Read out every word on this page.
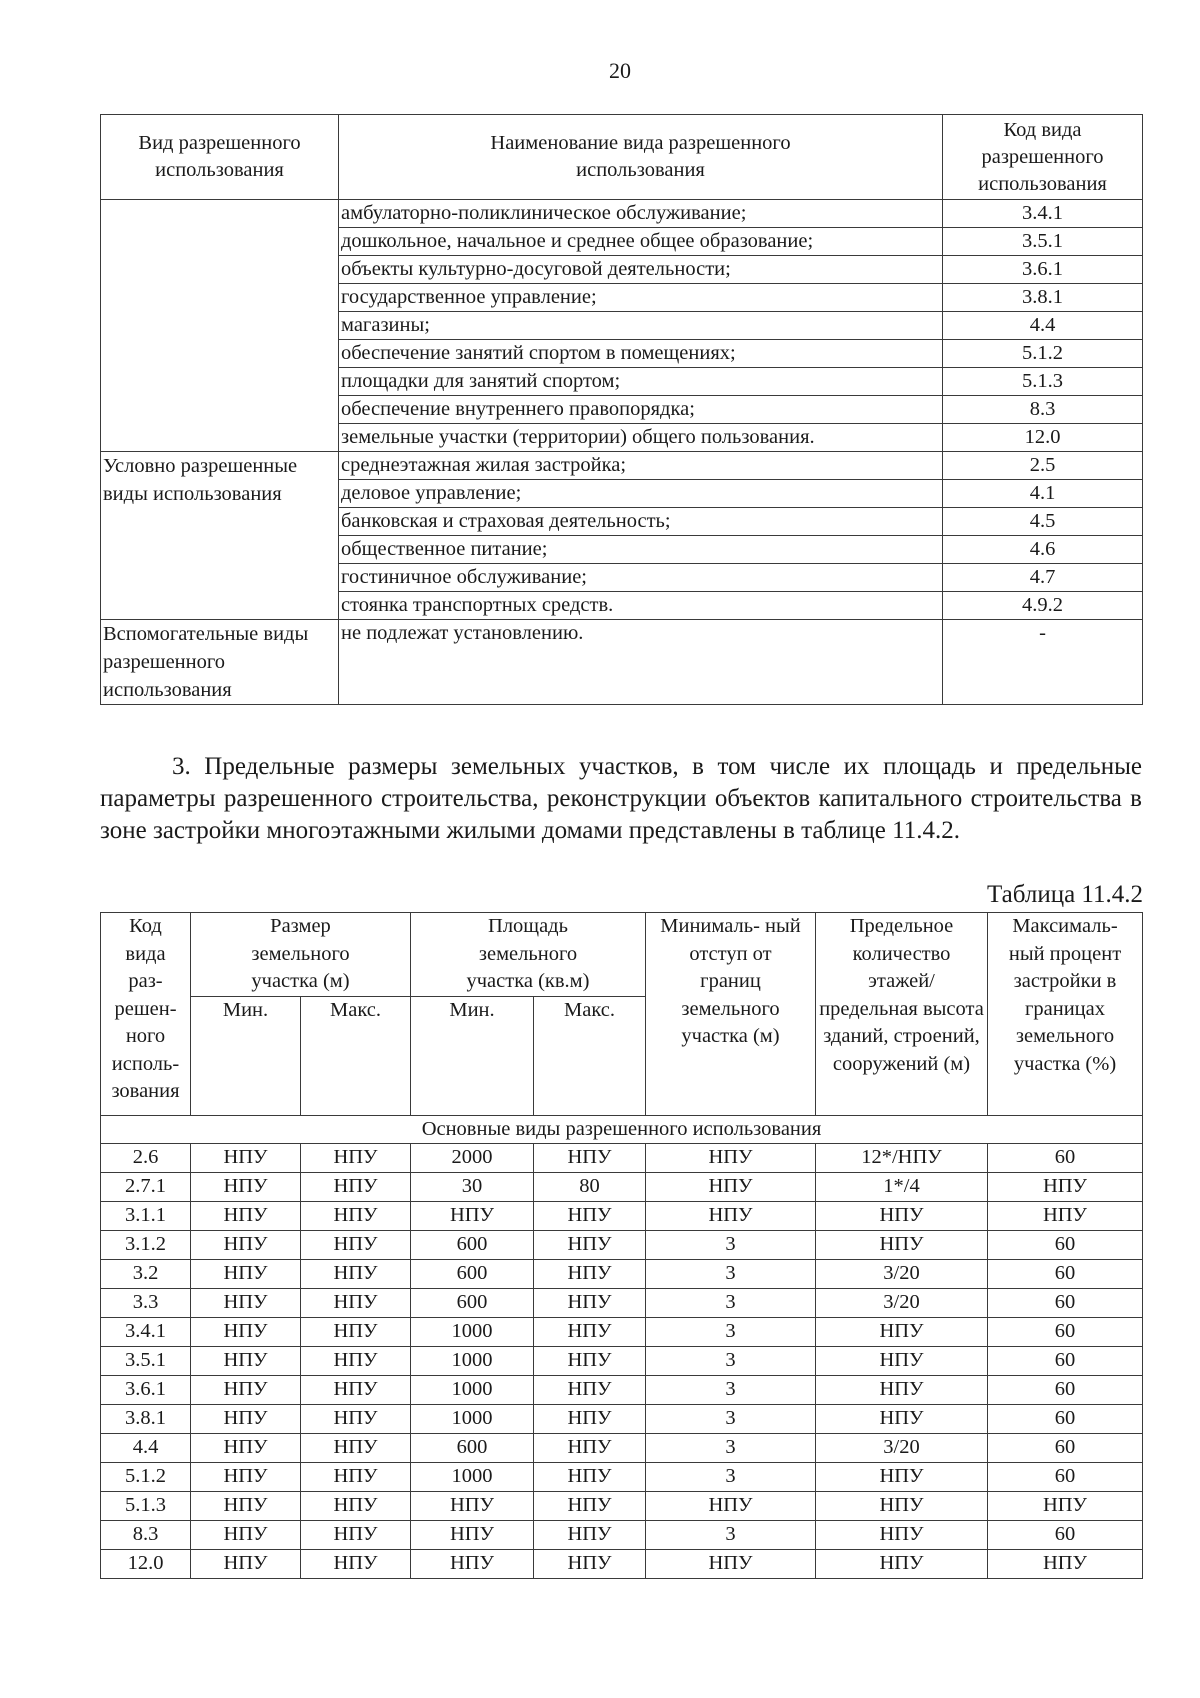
20
Вид разрешенного использования	Наименование вида разрешенного использования	Код вида разрешенного использования
	амбулаторно-поликлиническое обслуживание;	3.4.1
	дошкольное, начальное и среднее общее образование;	3.5.1
	объекты культурно-досуговой деятельности;	3.6.1
	государственное управление;	3.8.1
	магазины;	4.4
	обеспечение занятий спортом в помещениях;	5.1.2
	площадки для занятий спортом;	5.1.3
	обеспечение внутреннего правопорядка;	8.3
	земельные участки (территории) общего пользования.	12.0
Условно разрешенные виды использования	среднеэтажная жилая застройка;	2.5
	деловое управление;	4.1
	банковская и страховая деятельность;	4.5
	общественное питание;	4.6
	гостиничное обслуживание;	4.7
	стоянка транспортных средств.	4.9.2
Вспомогательные виды разрешенного использования	не подлежат установлению.	-
3. Предельные размеры земельных участков, в том числе их площадь и предельные параметры разрешенного строительства, реконструкции объектов капитального строительства в зоне застройки многоэтажными жилыми домами представлены в таблице 11.4.2.
Таблица 11.4.2
Код вида раз- решен- ного исполь- зования	Размер земельного участка (м)		Площадь земельного участка (кв.м)		Минималь- ный отступ от границ земельного участка (м)	Предельное количество этажей/ предельная высота зданий, строений, сооружений (м)	Максималь- ный процент застройки в границах земельного участка (%)
	Мин.	Макс.	Мин.	Макс.			
Основные виды разрешенного использования							
2.6	НПУ	НПУ	2000	НПУ	НПУ	12*/НПУ	60
2.7.1	НПУ	НПУ	30	80	НПУ	1*/4	НПУ
3.1.1	НПУ	НПУ	НПУ	НПУ	НПУ	НПУ	НПУ
3.1.2	НПУ	НПУ	600	НПУ	3	НПУ	60
3.2	НПУ	НПУ	600	НПУ	3	3/20	60
3.3	НПУ	НПУ	600	НПУ	3	3/20	60
3.4.1	НПУ	НПУ	1000	НПУ	3	НПУ	60
3.5.1	НПУ	НПУ	1000	НПУ	3	НПУ	60
3.6.1	НПУ	НПУ	1000	НПУ	3	НПУ	60
3.8.1	НПУ	НПУ	1000	НПУ	3	НПУ	60
4.4	НПУ	НПУ	600	НПУ	3	3/20	60
5.1.2	НПУ	НПУ	1000	НПУ	3	НПУ	60
5.1.3	НПУ	НПУ	НПУ	НПУ	НПУ	НПУ	НПУ
8.3	НПУ	НПУ	НПУ	НПУ	3	НПУ	60
12.0	НПУ	НПУ	НПУ	НПУ	НПУ	НПУ	НПУ
